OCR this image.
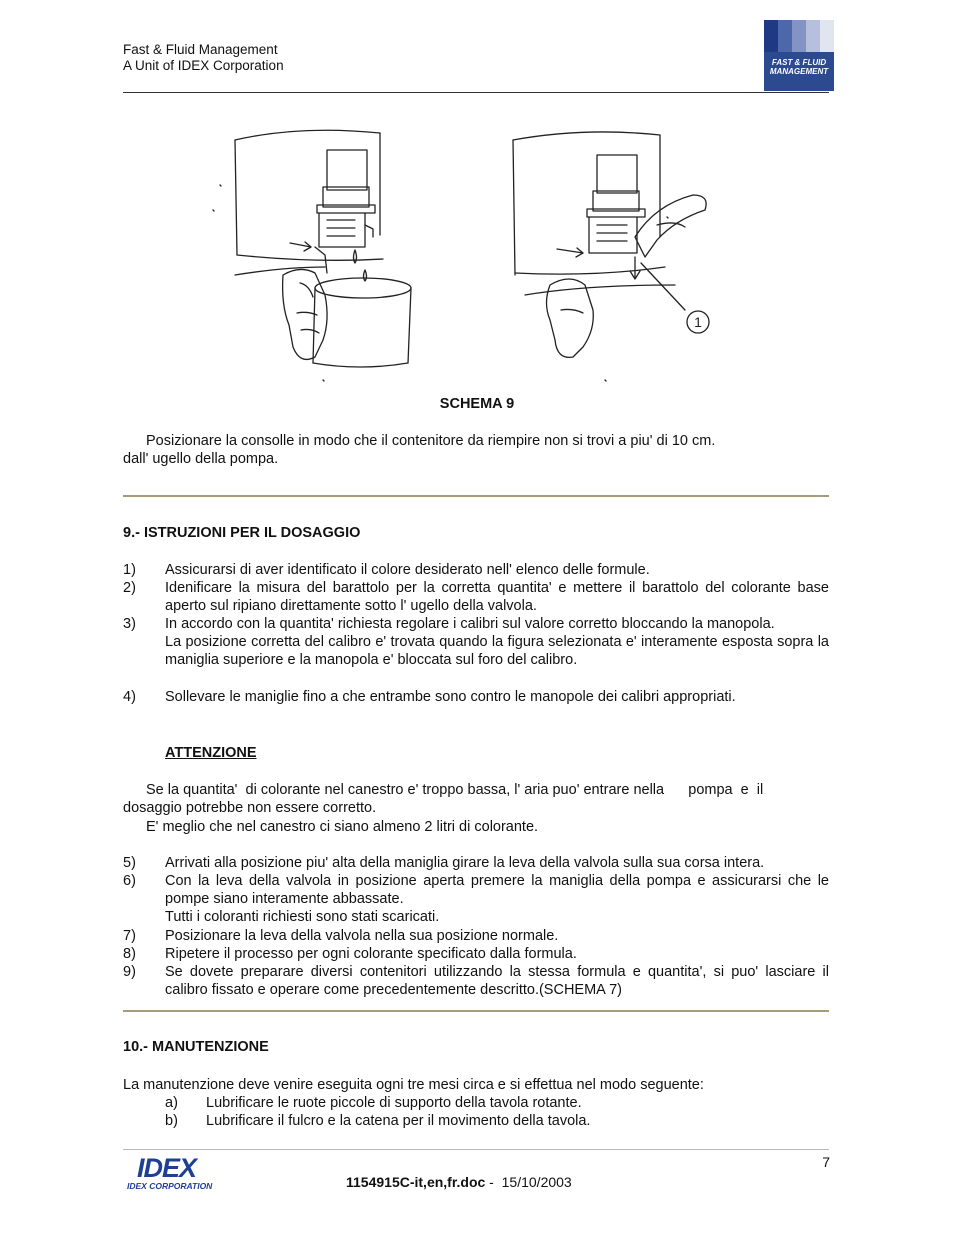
Fast & Fluid Management
A Unit of IDEX Corporation	FAST & FLUID
MANAGEMENT
1
SCHEMA 9
Posizionare la consolle in modo che il contenitore da riempire non si trovi a piu' di 10 cm.
dall' ugello della pompa.
9.- ISTRUZIONI PER IL DOSAGGIO
1) Assicurarsi di aver identificato il colore desiderato nell' elenco delle formule.
2) Idenificare la misura del barattolo per la corretta quantita' e mettere il barattolo del colorante base aperto sul ripiano direttamente sotto l' ugello della valvola.
3) In accordo con la quantita' richiesta regolare i calibri sul valore corretto bloccando la manopola.
La posizione corretta del calibro e' trovata quando la figura selezionata e' interamente esposta sopra la maniglia superiore e la manopola e' bloccata sul foro del calibro.
4) Sollevare le maniglie fino a che entrambe sono contro le manopole dei calibri appropriati.
ATTENZIONE
Se la quantita'  di colorante nel canestro e' troppo bassa, l' aria puo' entrare nella      pompa  e  il
dosaggio potrebbe non essere corretto.
E' meglio che nel canestro ci siano almeno 2 litri di colorante.
5) Arrivati alla posizione piu' alta della maniglia girare la leva della valvola sulla sua corsa intera.
6) Con la leva della valvola in posizione aperta premere la maniglia della pompa e assicurarsi che le pompe siano interamente abbassate.
Tutti i coloranti richiesti sono stati scaricati.
7) Posizionare la leva della valvola nella sua posizione normale.
8) Ripetere il processo per ogni colorante specificato dalla formula.
9) Se dovete preparare diversi contenitori utilizzando la stessa formula e quantita', si puo' lasciare il calibro fissato e operare come precedentemente descritto.(SCHEMA 7)
10.- MANUTENZIONE
La manutenzione deve venire eseguita ogni tre mesi circa e si effettua nel modo seguente:
a) Lubrificare le ruote piccole di supporto della tavola rotante.
b) Lubrificare il fulcro e la catena per il movimento della tavola.
7
IDEX
IDEX CORPORATION	1154915C-it,en,fr.doc -  15/10/2003
